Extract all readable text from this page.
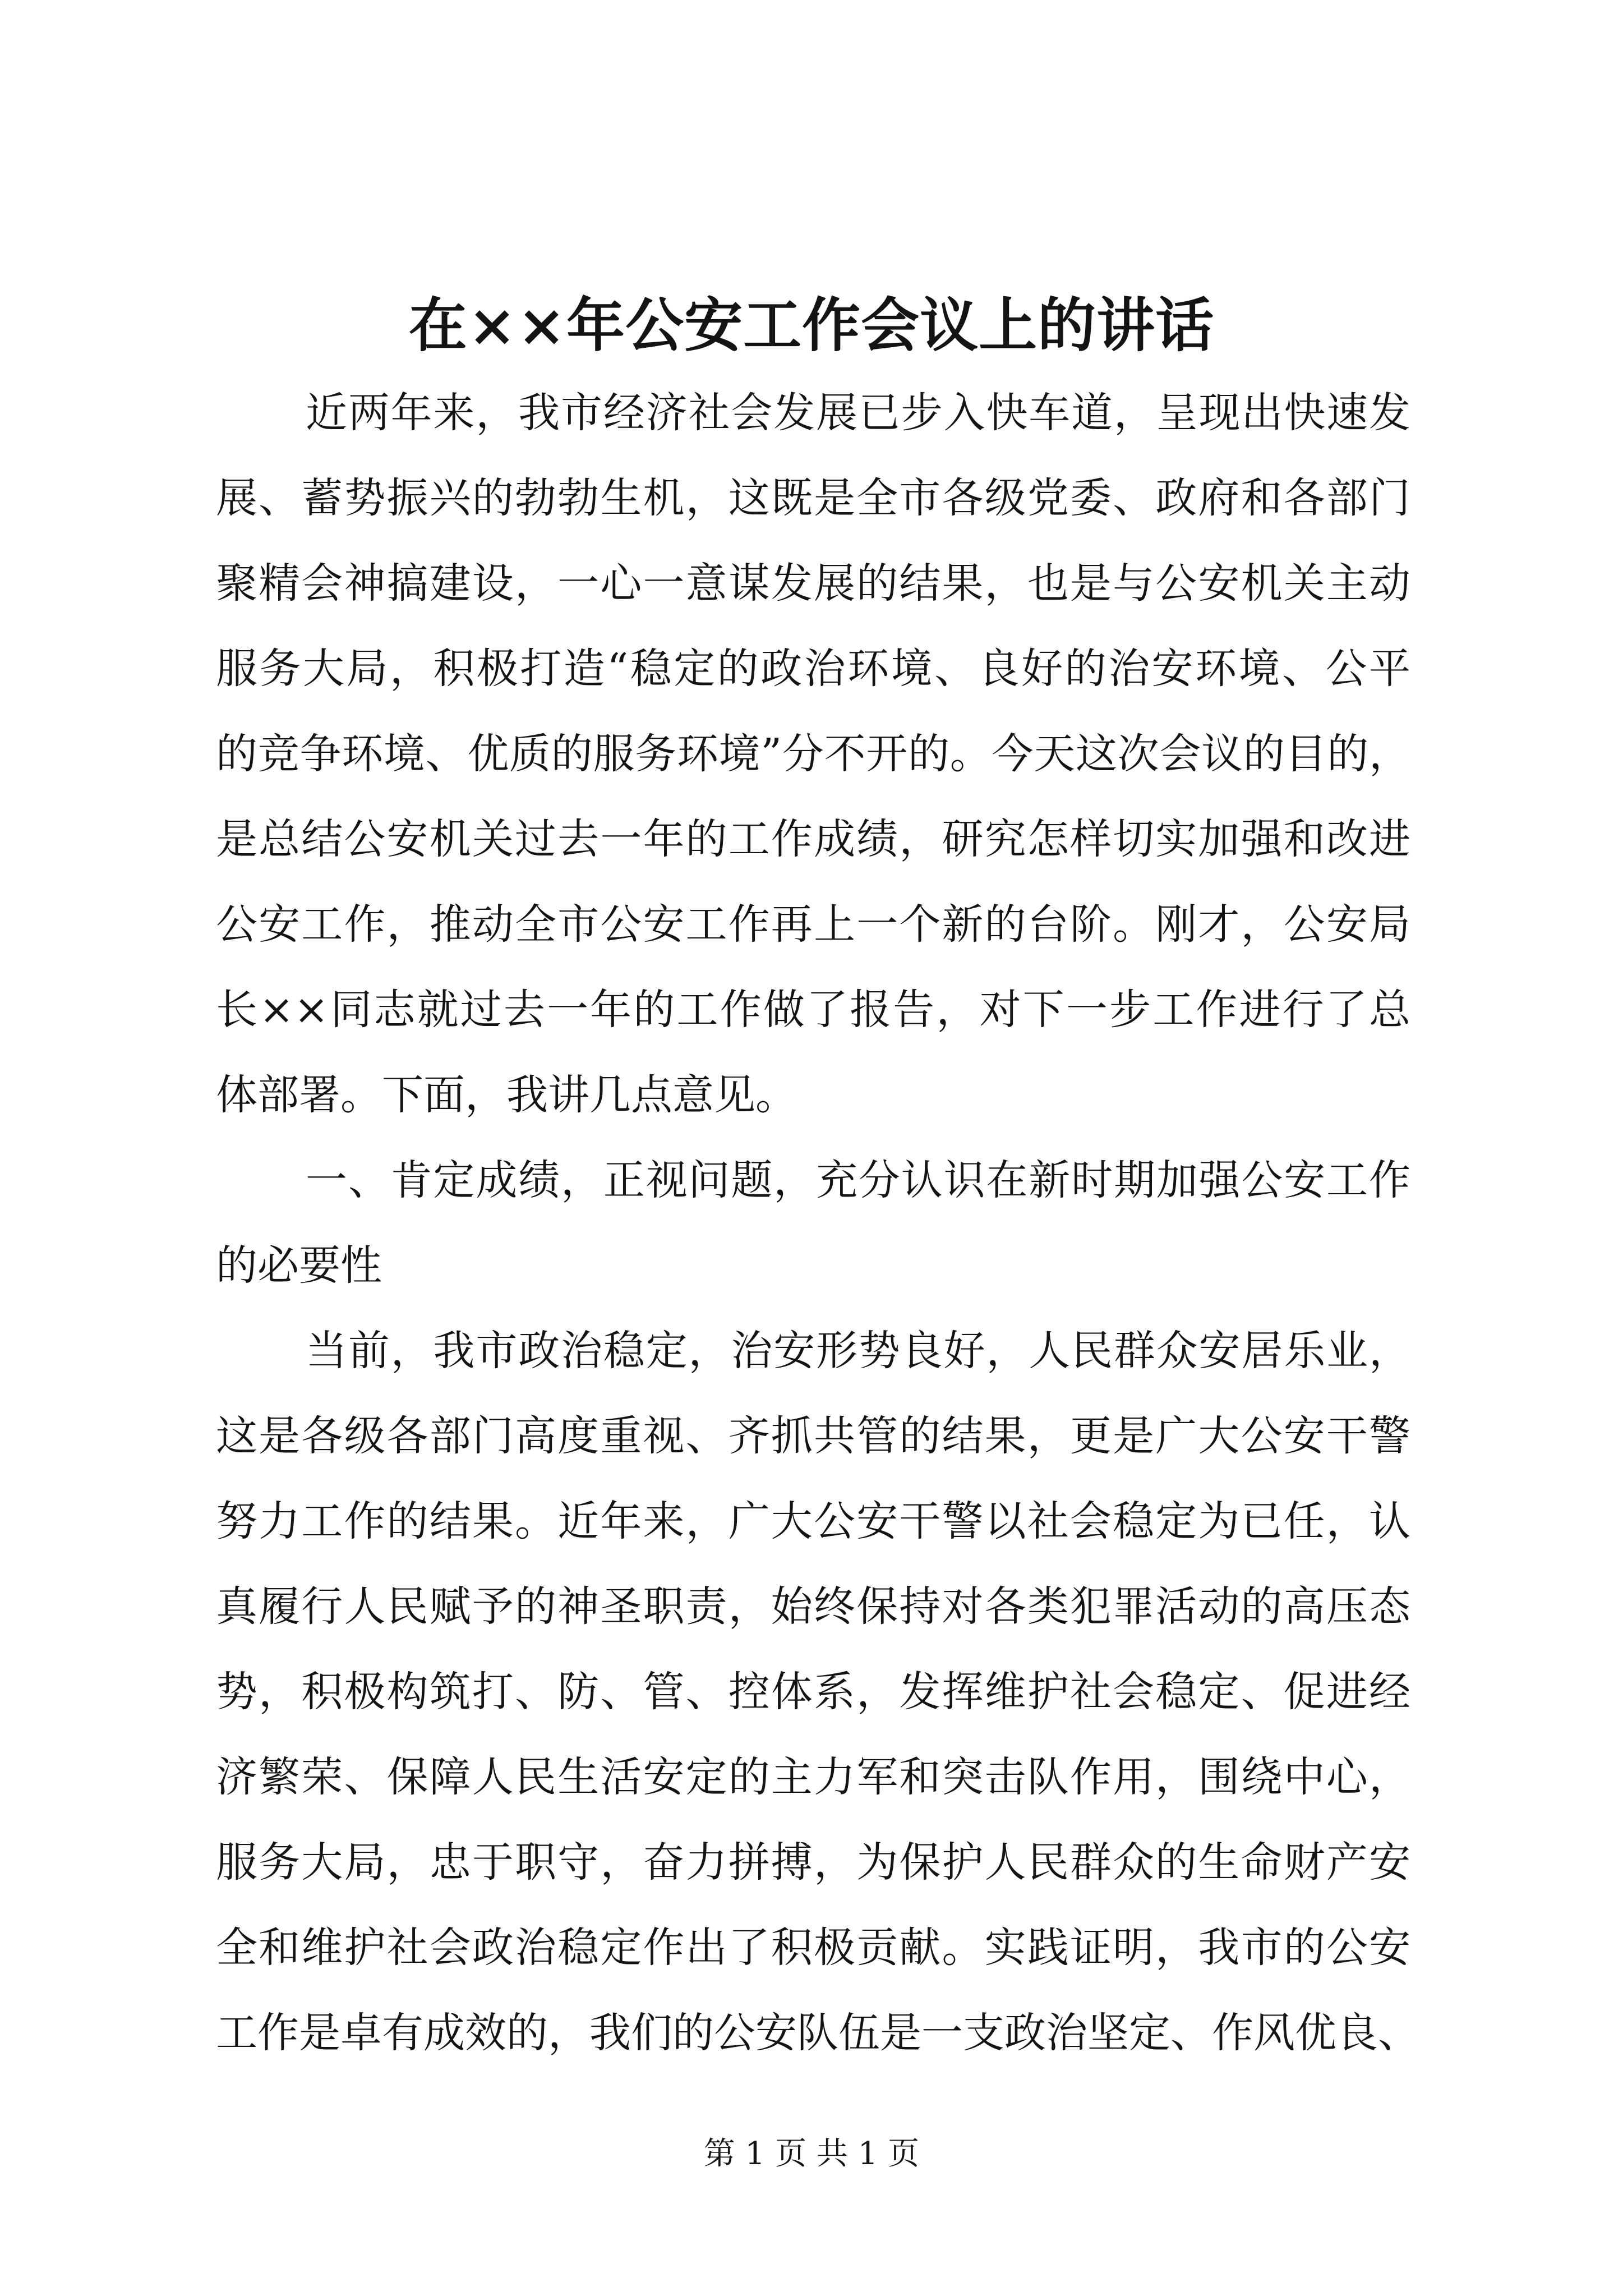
在××年公安工作会议上的讲话
近两年来，我市经济社会发展已步入快车道，呈现出快速发
展、蓄势振兴的勃勃生机，这既是全市各级党委、政府和各部门
聚精会神搞建设，一心一意谋发展的结果，也是与公安机关主动
服务大局，积极打造“稳定的政治环境、良好的治安环境、公平
的竞争环境、优质的服务环境”分不开的。今天这次会议的目的，
是总结公安机关过去一年的工作成绩，研究怎样切实加强和改进
公安工作，推动全市公安工作再上一个新的台阶。刚才，公安局
长××同志就过去一年的工作做了报告，对下一步工作进行了总
体部署。下面，我讲几点意见。
一、肯定成绩，正视问题，充分认识在新时期加强公安工作
的必要性
当前，我市政治稳定，治安形势良好，人民群众安居乐业，
这是各级各部门高度重视、齐抓共管的结果，更是广大公安干警
努力工作的结果。近年来，广大公安干警以社会稳定为已任，认
真履行人民赋予的神圣职责，始终保持对各类犯罪活动的高压态
势，积极构筑打、防、管、控体系，发挥维护社会稳定、促进经
济繁荣、保障人民生活安定的主力军和突击队作用，围绕中心，
服务大局，忠于职守，奋力拼搏，为保护人民群众的生命财产安
全和维护社会政治稳定作出了积极贡献。实践证明，我市的公安
工作是卓有成效的，我们的公安队伍是一支政治坚定、作风优良、
第 1 页 共 1 页
